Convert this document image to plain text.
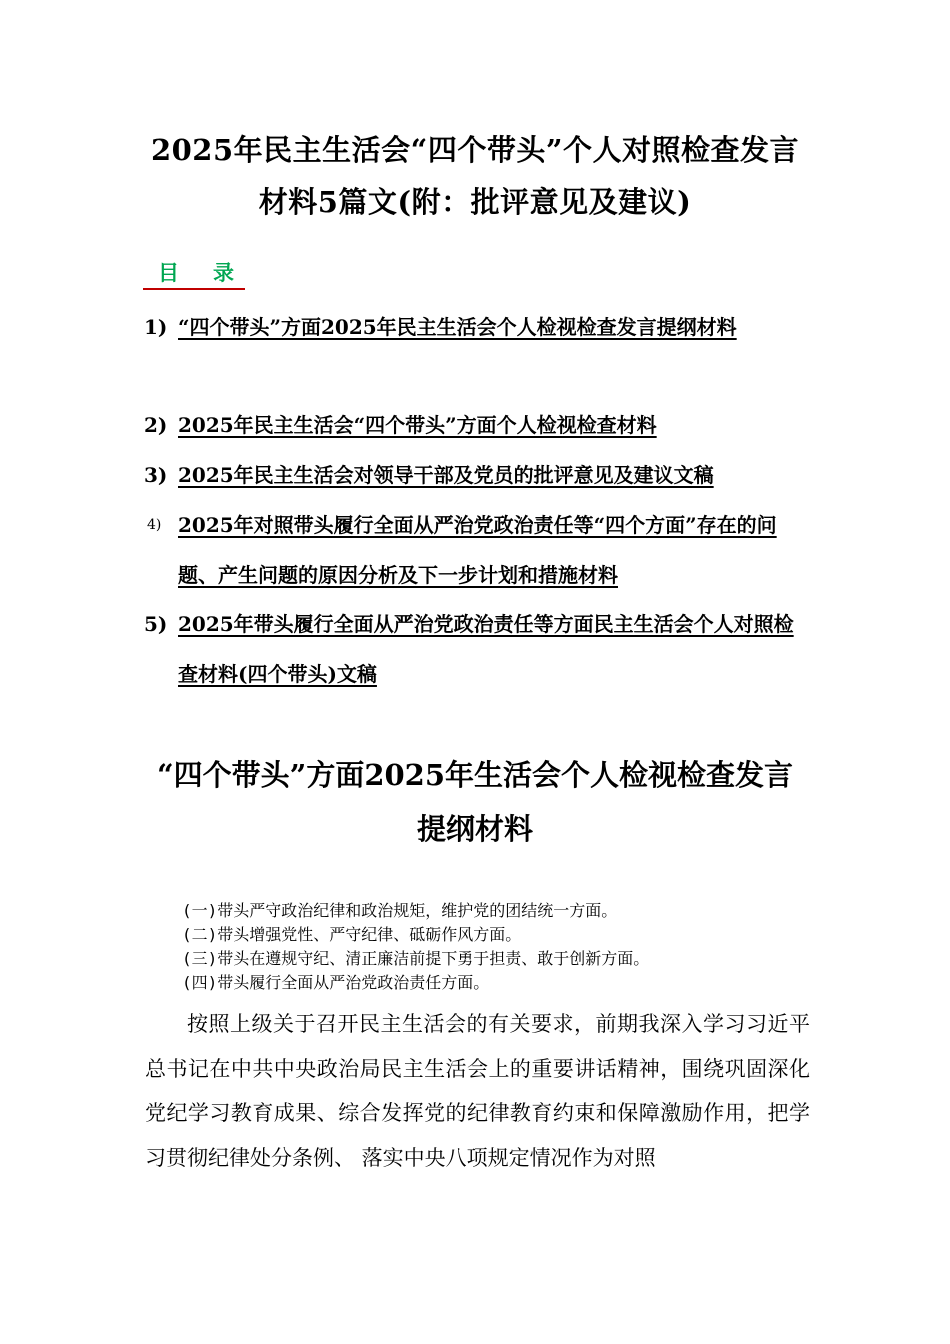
2025年民主生活会“四个带头”个人对照检查发言
材料5篇文(附：批评意见及建议)
目 录
1) “四个带头”方面2025年民主生活会个人检视检查发言提纲材料
2) 2025年民主生活会“四个带头”方面个人检视检查材料
3) 2025年民主生活会对领导干部及党员的批评意见及建议文稿
4) 2025年对照带头履行全面从严治党政治责任等“四个方面”存在的问题、产生问题的原因分析及下一步计划和措施材料
5) 2025年带头履行全面从严治党政治责任等方面民主生活会个人对照检查材料(四个带头)文稿
“四个带头”方面2025年生活会个人检视检查发言
提纲材料
(一)带头严守政治纪律和政治规矩，维护党的团结统一方面。
(二)带头增强党性、严守纪律、砥砺作风方面。
(三)带头在遵规守纪、清正廉洁前提下勇于担责、敢于创新方面。
(四)带头履行全面从严治党政治责任方面。
按照上级关于召开民主生活会的有关要求，前期我深入学习习近平总书记在中共中央政治局民主生活会上的重要讲话精神，围绕巩固深化党纪学习教育成果、综合发挥党的纪律教育约束和保障激励作用，把学习贯彻纪律处分条例、 落实中央八项规定情况作为对照
